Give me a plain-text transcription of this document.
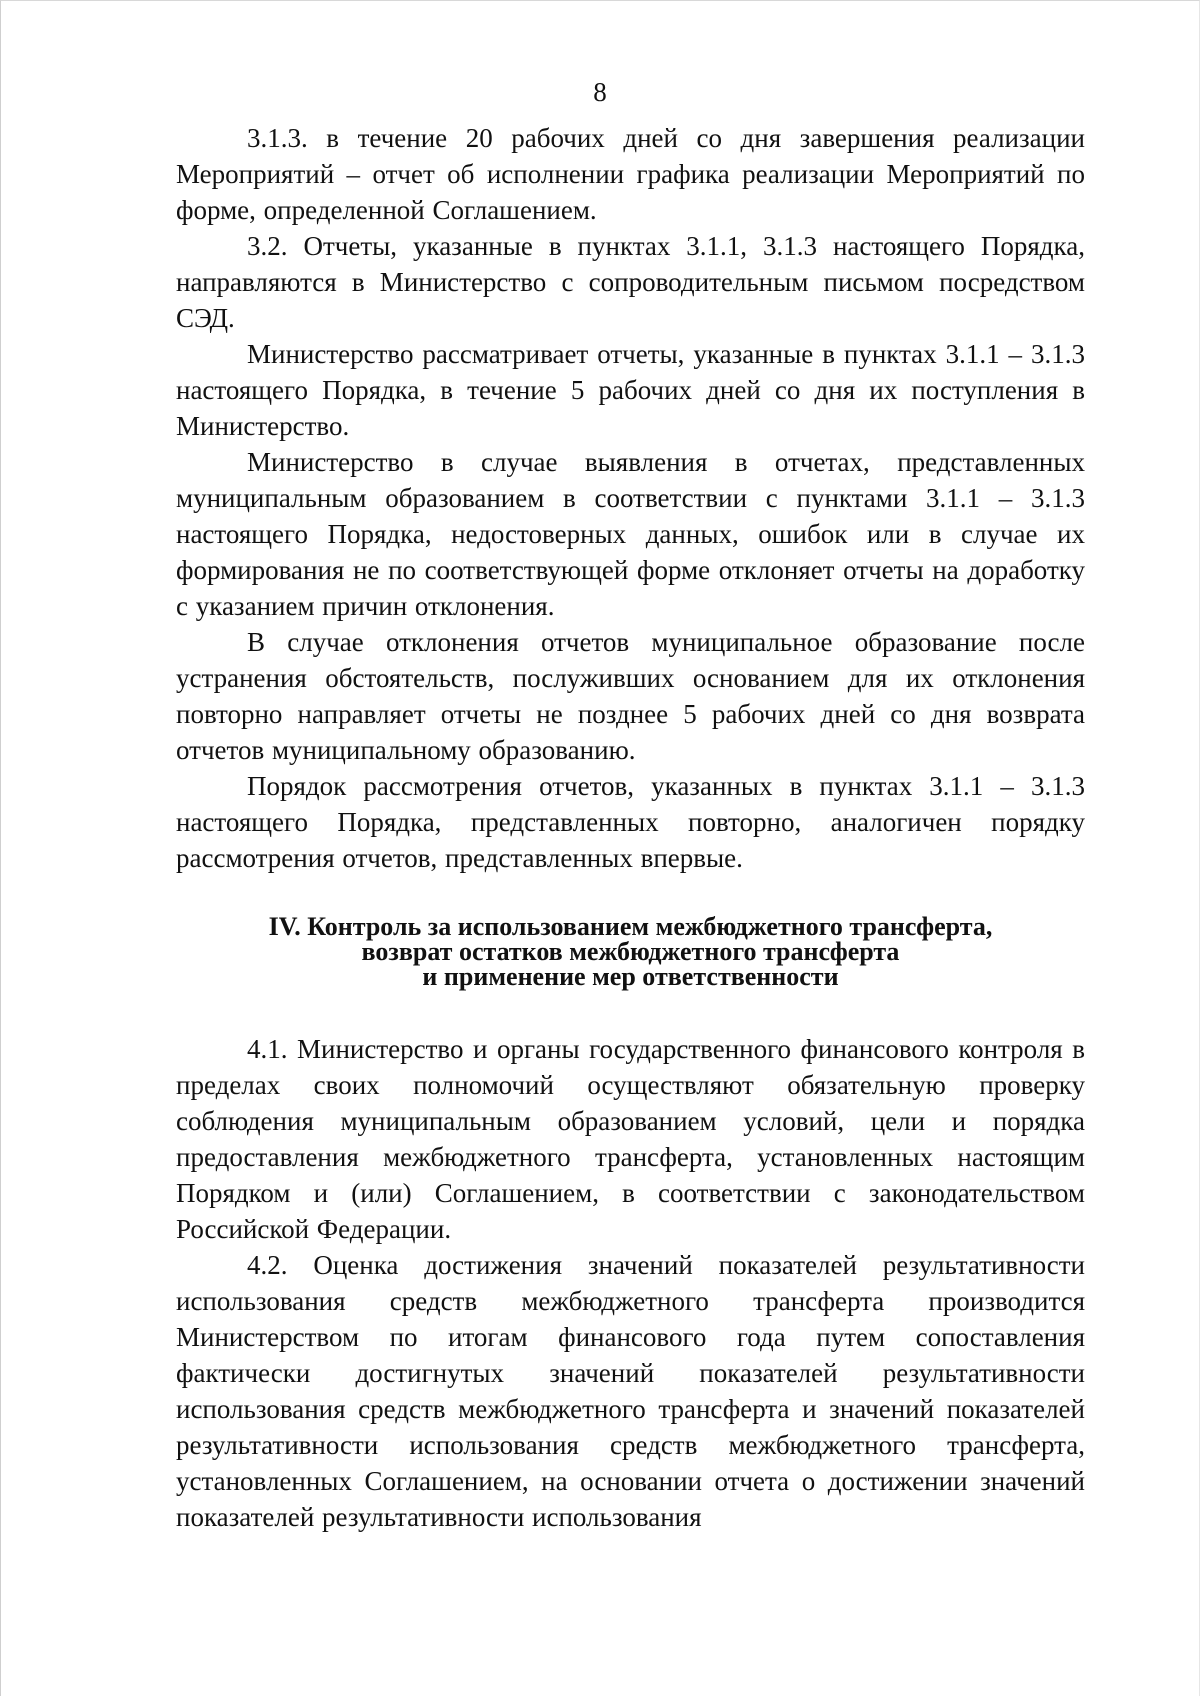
8

3.1.3. в течение 20 рабочих дней со дня завершения реализации Мероприятий – отчет об исполнении графика реализации Мероприятий по форме, определенной Соглашением.

3.2. Отчеты, указанные в пунктах 3.1.1, 3.1.3 настоящего Порядка, направляются в Министерство с сопроводительным письмом посредством СЭД.

Министерство рассматривает отчеты, указанные в пунктах 3.1.1 – 3.1.3 настоящего Порядка, в течение 5 рабочих дней со дня их поступления в Министерство.

Министерство в случае выявления в отчетах, представленных муниципальным образованием в соответствии с пунктами 3.1.1 – 3.1.3 настоящего Порядка, недостоверных данных, ошибок или в случае их формирования не по соответствующей форме отклоняет отчеты на доработку с указанием причин отклонения.

В случае отклонения отчетов муниципальное образование после устранения обстоятельств, послуживших основанием для их отклонения повторно направляет отчеты не позднее 5 рабочих дней со дня возврата отчетов муниципальному образованию.

Порядок рассмотрения отчетов, указанных в пунктах 3.1.1 – 3.1.3 настоящего Порядка, представленных повторно, аналогичен порядку рассмотрения отчетов, представленных впервые.

IV. Контроль за использованием межбюджетного трансферта,
возврат остатков межбюджетного трансферта
и применение мер ответственности

4.1. Министерство и органы государственного финансового контроля в пределах своих полномочий осуществляют обязательную проверку соблюдения муниципальным образованием условий, цели и порядка предоставления межбюджетного трансферта, установленных настоящим Порядком и (или) Соглашением, в соответствии с законодательством Российской Федерации.

4.2. Оценка достижения значений показателей результативности использования средств межбюджетного трансферта производится Министерством по итогам финансового года путем сопоставления фактически достигнутых значений показателей результативности использования средств межбюджетного трансферта и значений показателей результативности использования средств межбюджетного трансферта, установленных Соглашением, на основании отчета о достижении значений показателей результативности использования
